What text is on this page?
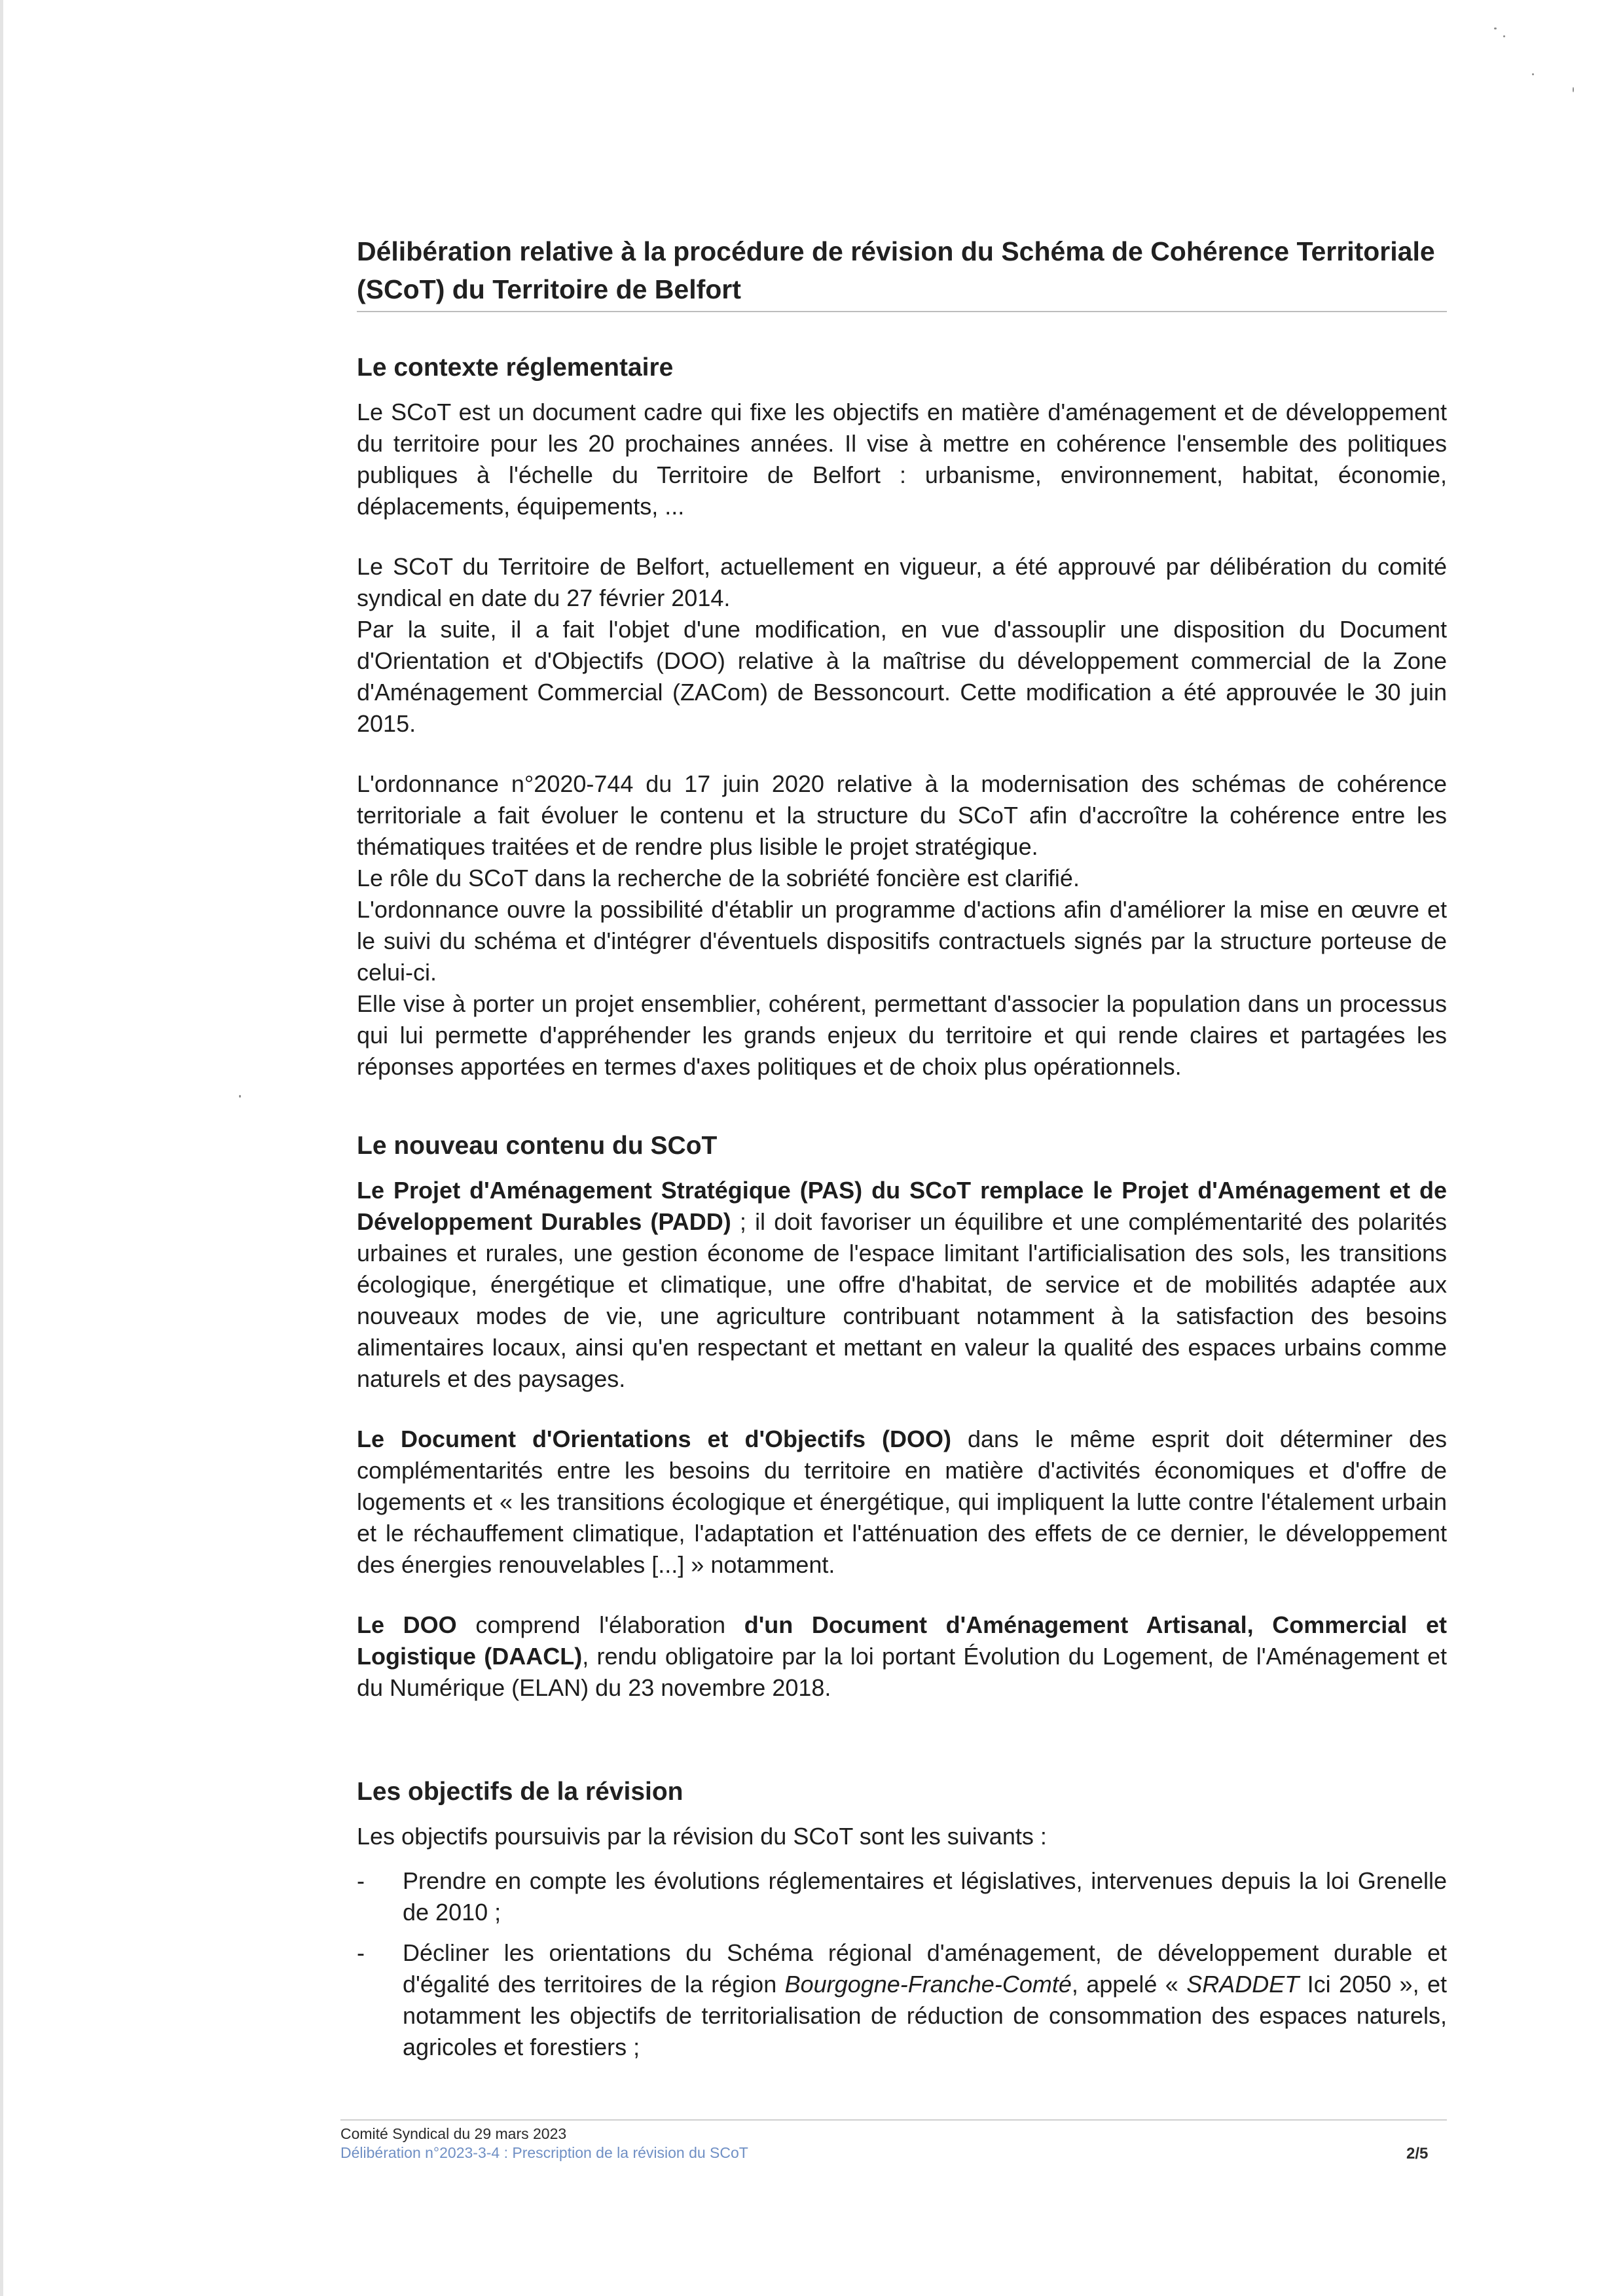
Délibération relative à la procédure de révision du Schéma de Cohérence Territoriale (SCoT) du Territoire de Belfort
Le contexte réglementaire

Le SCoT est un document cadre qui fixe les objectifs en matière d'aménagement et de développement du territoire pour les 20 prochaines années. Il vise à mettre en cohérence l'ensemble des politiques publiques à l'échelle du Territoire de Belfort : urbanisme, environnement, habitat, économie, déplacements, équipements, ...

Le SCoT du Territoire de Belfort, actuellement en vigueur, a été approuvé par délibération du comité syndical en date du 27 février 2014.

Par la suite, il a fait l'objet d'une modification, en vue d'assouplir une disposition du Document d'Orientation et d'Objectifs (DOO) relative à la maîtrise du développement commercial de la Zone d'Aménagement Commercial (ZACom) de Bessoncourt. Cette modification a été approuvée le 30 juin 2015.

L'ordonnance n°2020-744 du 17 juin 2020 relative à la modernisation des schémas de cohérence territoriale a fait évoluer le contenu et la structure du SCoT afin d'accroître la cohérence entre les thématiques traitées et de rendre plus lisible le projet stratégique.

Le rôle du SCoT dans la recherche de la sobriété foncière est clarifié.

L'ordonnance ouvre la possibilité d'établir un programme d'actions afin d'améliorer la mise en œuvre et le suivi du schéma et d'intégrer d'éventuels dispositifs contractuels signés par la structure porteuse de celui-ci.

Elle vise à porter un projet ensemblier, cohérent, permettant d'associer la population dans un processus qui lui permette d'appréhender les grands enjeux du territoire et qui rende claires et partagées les réponses apportées en termes d'axes politiques et de choix plus opérationnels.

Le nouveau contenu du SCoT

Le Projet d'Aménagement Stratégique (PAS) du SCoT remplace le Projet d'Aménagement et de Développement Durables (PADD) ; il doit favoriser un équilibre et une complémentarité des polarités urbaines et rurales, une gestion économe de l'espace limitant l'artificialisation des sols, les transitions écologique, énergétique et climatique, une offre d'habitat, de service et de mobilités adaptée aux nouveaux modes de vie, une agriculture contribuant notamment à la satisfaction des besoins alimentaires locaux, ainsi qu'en respectant et mettant en valeur la qualité des espaces urbains comme naturels et des paysages.

Le Document d'Orientations et d'Objectifs (DOO) dans le même esprit doit déterminer des complémentarités entre les besoins du territoire en matière d'activités économiques et d'offre de logements et « les transitions écologique et énergétique, qui impliquent la lutte contre l'étalement urbain et le réchauffement climatique, l'adaptation et l'atténuation des effets de ce dernier, le développement des énergies renouvelables [...] » notamment.

Le DOO comprend l'élaboration d'un Document d'Aménagement Artisanal, Commercial et Logistique (DAACL), rendu obligatoire par la loi portant Évolution du Logement, de l'Aménagement et du Numérique (ELAN) du 23 novembre 2018.

Les objectifs de la révision

Les objectifs poursuivis par la révision du SCoT sont les suivants :

- Prendre en compte les évolutions réglementaires et législatives, intervenues depuis la loi Grenelle de 2010 ;
- Décliner les orientations du Schéma régional d'aménagement, de développement durable et d'égalité des territoires de la région Bourgogne-Franche-Comté, appelé « SRADDET Ici 2050 », et notamment les objectifs de territorialisation de réduction de consommation des espaces naturels, agricoles et forestiers ;
Comité Syndical du 29 mars 2023
Délibération n°2023-3-4 : Prescription de la révision du SCoT	2/5
